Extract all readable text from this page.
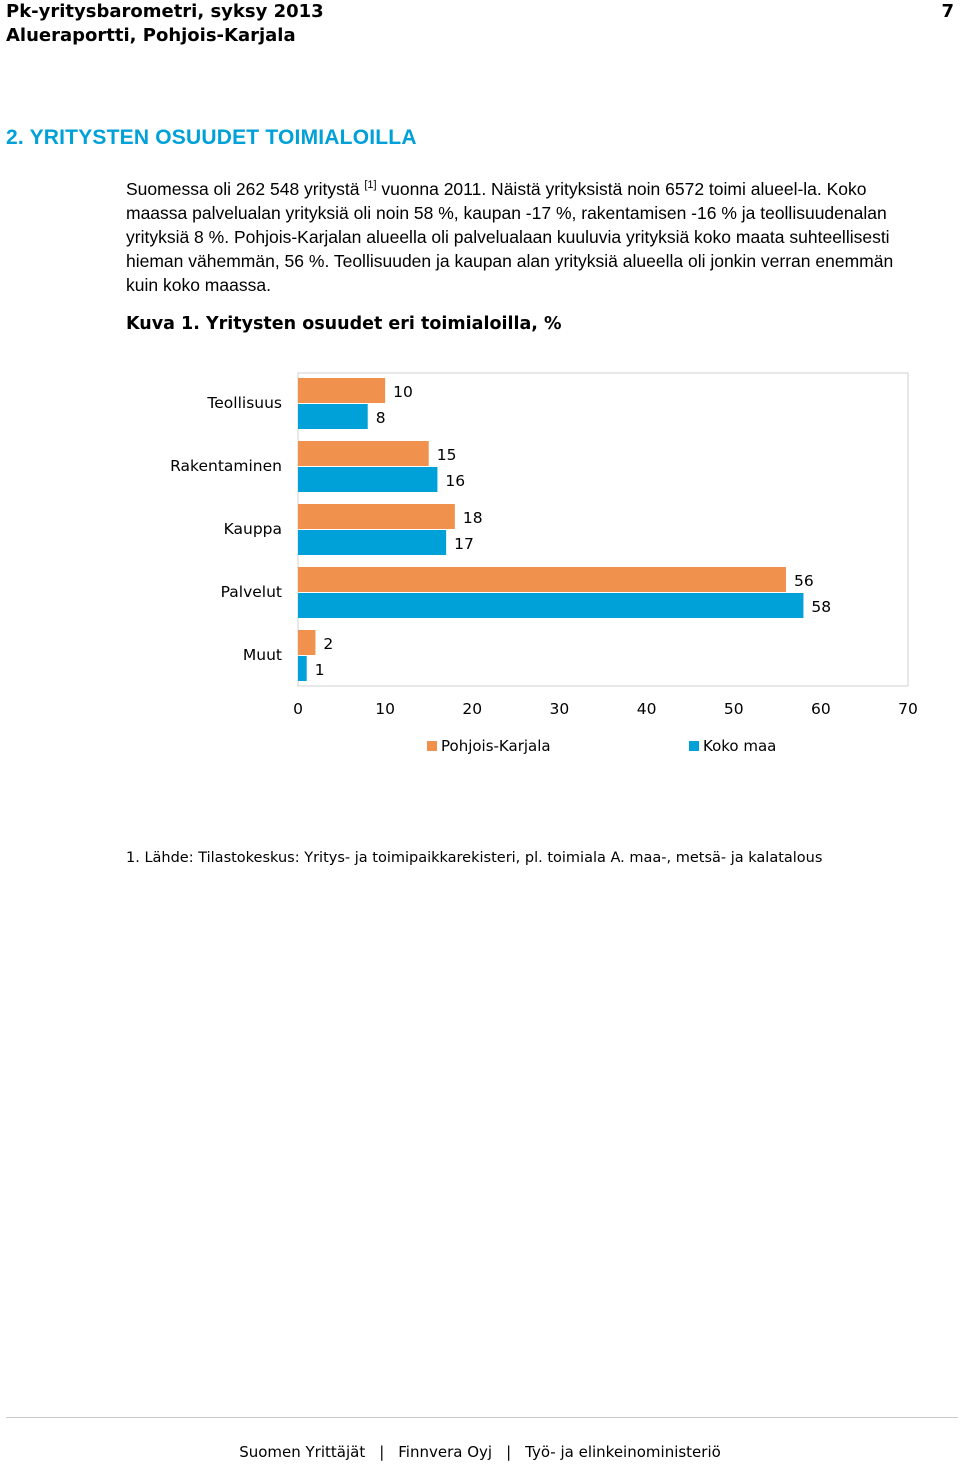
Pk-yritysbarometri, syksy 2013
Alueraportti, Pohjois-Karjala
7
2. YRITYSTEN OSUUDET TOIMIALOILLA
Suomessa oli 262 548 yritystä [1] vuonna 2011. Näistä yrityksistä noin 6572 toimi alueel-la. Koko maassa palvelualan yrityksiä oli noin 58 %, kaupan -17 %, rakentamisen -16 % ja teollisuudenalan yrityksiä 8 %. Pohjois-Karjalan alueella oli palvelualaan kuuluvia yrityksiä koko maata suhteellisesti hieman vähemmän, 56 %. Teollisuuden ja kaupan alan yrityksiä alueella oli jonkin verran enemmän kuin koko maassa.
Kuva 1. Yritysten osuudet eri toimialoilla, %
Teollisuus
10
8
Rakentaminen
15
16
Kauppa
18
17
Palvelut
56
58
Muut
2
1
0	10	20	30	40	50	60	70
Pohjois-Karjala	Koko maa
1. Lähde: Tilastokeskus: Yritys- ja toimipaikkarekisteri, pl. toimiala A. maa-, metsä- ja kalatalous
Suomen Yrittäjät | Finnvera Oyj | Työ- ja elinkeinoministeriö
